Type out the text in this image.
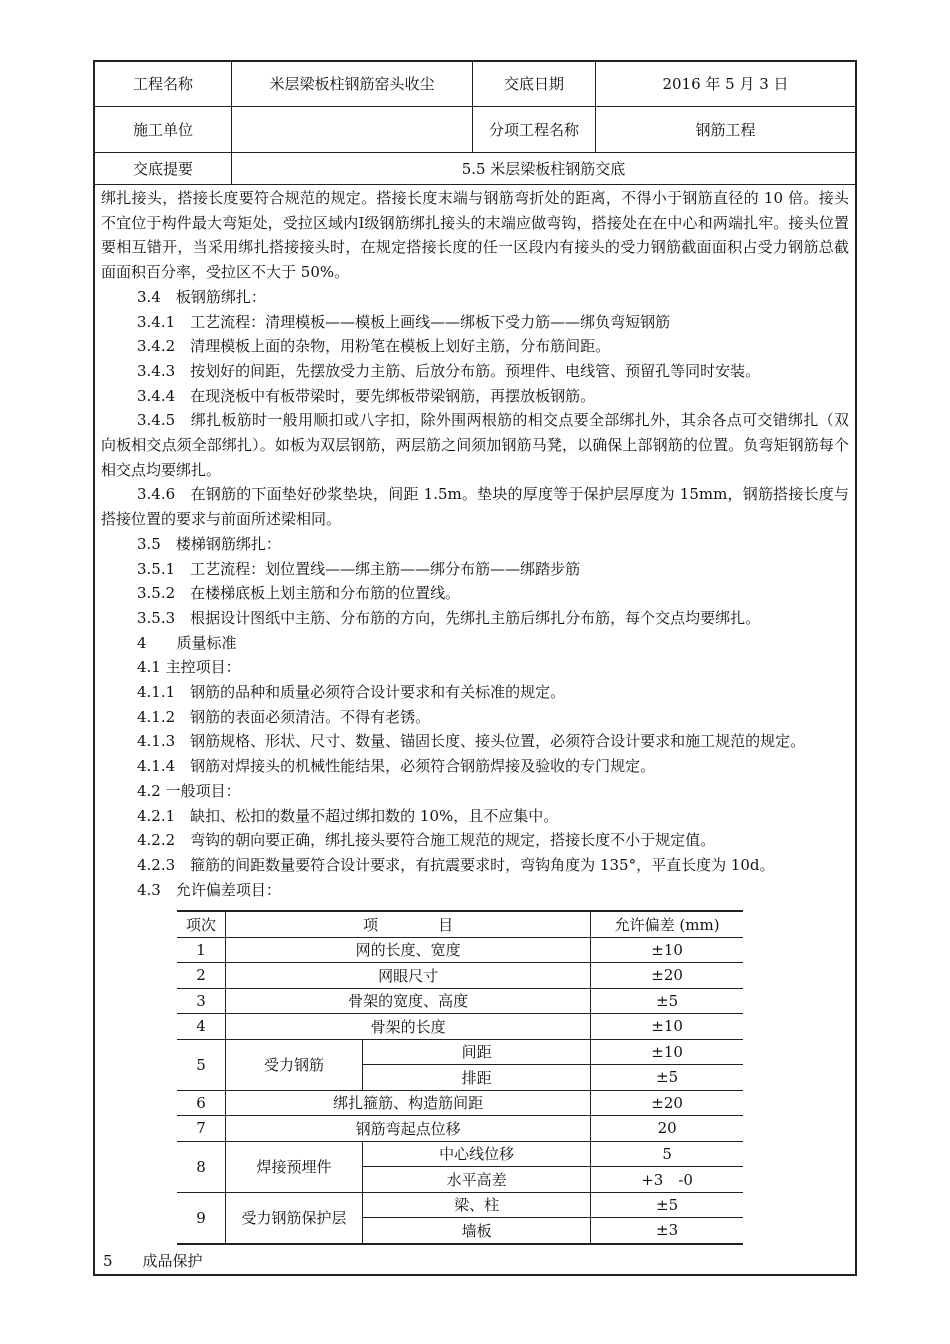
工程名称	米层梁板柱钢筋窑头收尘	交底日期	2016 年 5 月 3 日
施工单位		分项工程名称	钢筋工程
交底提要	5.5 米层梁板柱钢筋交底		

绑扎接头，搭接长度要符合规范的规定。搭接长度末端与钢筋弯折处的距离，不得小于钢筋直径的 10 倍。接头不宜位于构件最大弯矩处，受拉区域内Ⅰ级钢筋绑扎接头的末端应做弯钩，搭接处在在中心和两端扎牢。接头位置要相互错开，当采用绑扎搭接接头时，在规定搭接长度的任一区段内有接头的受力钢筋截面面积占受力钢筋总截面面积百分率，受拉区不大于 50%。

3.4　板钢筋绑扎：

3.4.1　工艺流程：清理模板——模板上画线——绑板下受力筋——绑负弯短钢筋

3.4.2　清理模板上面的杂物，用粉笔在模板上划好主筋，分布筋间距。

3.4.3　按划好的间距，先摆放受力主筋、后放分布筋。预埋件、电线管、预留孔等同时安装。

3.4.4　在现浇板中有板带梁时，要先绑板带梁钢筋，再摆放板钢筋。

3.4.5　绑扎板筋时一般用顺扣或八字扣，除外围两根筋的相交点要全部绑扎外，其余各点可交错绑扎（双向板相交点须全部绑扎）。如板为双层钢筋，两层筋之间须加钢筋马凳，以确保上部钢筋的位置。负弯矩钢筋每个相交点均要绑扎。

3.4.6　在钢筋的下面垫好砂浆垫块，间距 1.5m。垫块的厚度等于保护层厚度为 15mm，钢筋搭接长度与搭接位置的要求与前面所述梁相同。

3.5　楼梯钢筋绑扎：

3.5.1　工艺流程：划位置线——绑主筋——绑分布筋——绑踏步筋

3.5.2　在楼梯底板上划主筋和分布筋的位置线。

3.5.3　根据设计图纸中主筋、分布筋的方向，先绑扎主筋后绑扎分布筋，每个交点均要绑扎。

4　　质量标准

4.1 主控项目：

4.1.1　钢筋的品种和质量必须符合设计要求和有关标准的规定。

4.1.2　钢筋的表面必须清洁。不得有老锈。

4.1.3　钢筋规格、形状、尺寸、数量、锚固长度、接头位置，必须符合设计要求和施工规范的规定。

4.1.4　钢筋对焊接头的机械性能结果，必须符合钢筋焊接及验收的专门规定。

4.2 一般项目：

4.2.1　缺扣、松扣的数量不超过绑扣数的 10%，且不应集中。

4.2.2　弯钩的朝向要正确，绑扎接头要符合施工规范的规定，搭接长度不小于规定值。

4.2.3　箍筋的间距数量要符合设计要求，有抗震要求时，弯钩角度为 135°，平直长度为 10d。

4.3　允许偏差项目：

项次	项　　　　目		允许偏差 (mm)
1	网的长度、宽度		±10
2	网眼尺寸		±20
3	骨架的宽度、高度		±5
4	骨架的长度		±10
5	受力钢筋	间距	±10
		排距	±5
6	绑扎箍筋、构造筋间距		±20
7	钢筋弯起点位移		20
8	焊接预埋件	中心线位移	5
		水平高差	+3　-0
9	受力钢筋保护层	梁、柱	±5
		墙板	±3
5　　成品保护
